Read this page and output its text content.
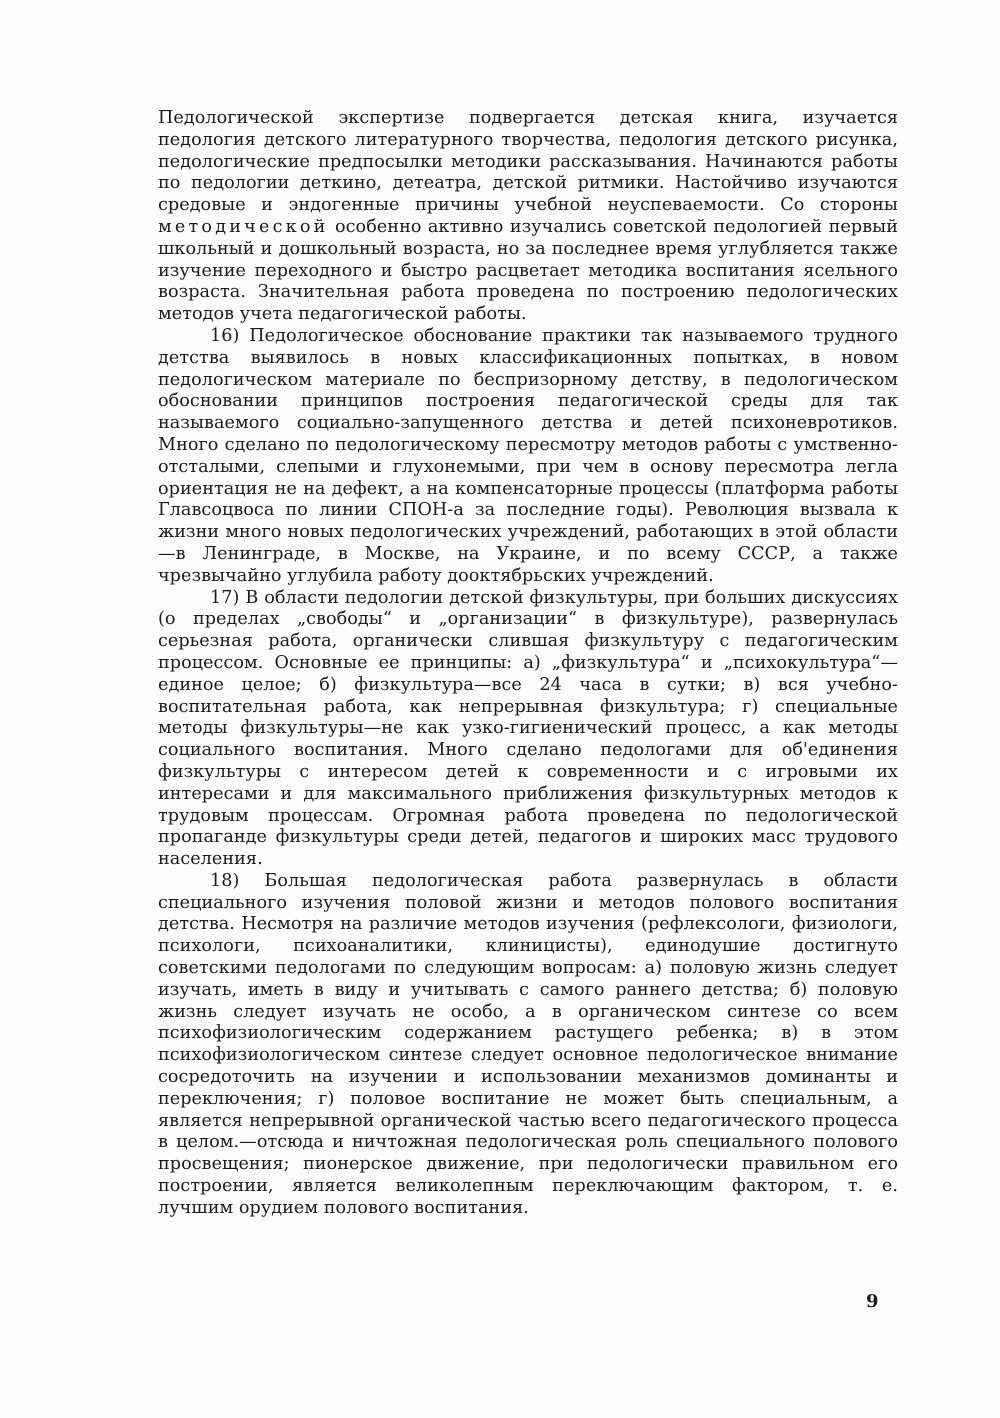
Педологической экспертизе подвергается детская книга, изучается педология детского литературного творчества, педология детского рисунка, педологические предпосылки методики рассказывания. Начинаются работы по педологии деткино, детеатра, детской ритмики. Настойчиво изучаются средовые и эндогенные причины учебной неуспеваемости. Со стороны методической особенно активно изучались советской педологией первый школьный и дошкольный возраста, но за последнее время углубляется также изучение переходного и быстро расцветает методика воспитания ясельного возраста. Значительная работа проведена по построению педологических методов учета педагогической работы.

16) Педологическое обоснование практики так называемого трудного детства выявилось в новых классификационных попытках, в новом педологическом материале по беспризорному детству, в педологическом обосновании принципов построения педагогической среды для так называемого социально-запущенного детства и детей психоневротиков. Много сделано по педологическому пересмотру методов работы с умственно-отсталыми, слепыми и глухонемыми, при чем в основу пересмотра легла ориентация не на дефект, а на компенсаторные процессы (платформа работы Главсоцвоса по линии СПОН-а за последние годы). Революция вызвала к жизни много новых педологических учреждений, работающих в этой области—в Ленинграде, в Москве, на Украине, и по всему СССР, а также чрезвычайно углубила работу дооктябрьских учреждений.

17) В области педологии детской физкультуры, при больших дискуссиях (о пределах „свободы“ и „организации“ в физкультуре), развернулась серьезная работа, органически слившая физкультуру с педагогическим процессом. Основные ее принципы: а) „физкультура“ и „психокультура“—единое целое; б) физкультура—все 24 часа в сутки; в) вся учебно-воспитательная работа, как непрерывная физкультура; г) специальные методы физкультуры—не как узко-гигиенический процесс, а как методы социального воспитания. Много сделано педологами для об'единения физкультуры с интересом детей к современности и с игровыми их интересами и для максимального приближения физкультурных методов к трудовым процессам. Огромная работа проведена по педологической пропаганде физкультуры среди детей, педагогов и широких масс трудового населения.

18) Большая педологическая работа развернулась в области специального изучения половой жизни и методов полового воспитания детства. Несмотря на различие методов изучения (рефлексологи, физиологи, психологи, психоаналитики, клиницисты), единодушие достигнуто советскими педологами по следующим вопросам: а) половую жизнь следует изучать, иметь в виду и учитывать с самого раннего детства; б) половую жизнь следует изучать не особо, а в органическом синтезе со всем психофизиологическим содержанием растущего ребенка; в) в этом психофизиологическом синтезе следует основное педологическое внимание сосредоточить на изучении и использовании механизмов доминанты и переключения; г) половое воспитание не может быть специальным, а является непрерывной органической частью всего педагогического процесса в целом.—отсюда и ничтожная педологическая роль специального полового просвещения; пионерское движение, при педологически правильном его построении, является великолепным переключающим фактором, т. е. лучшим орудием полового воспитания.

9
